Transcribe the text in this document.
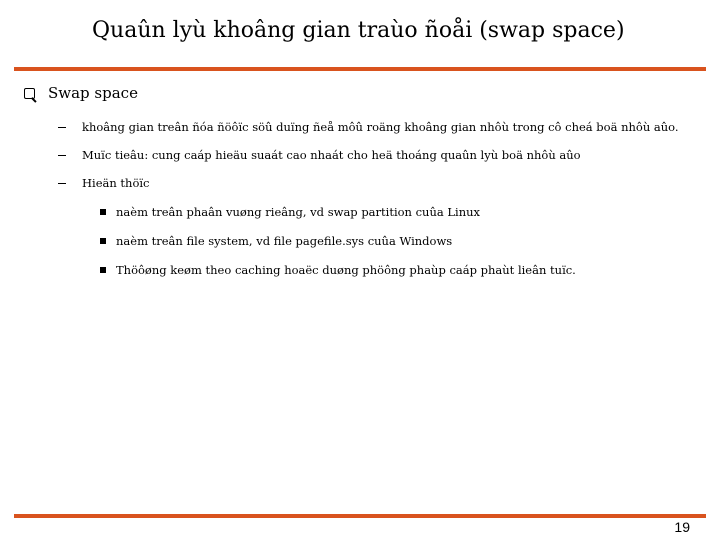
Quaûn lyù khoâng gian traùo ñoåi (swap space)
Swap space
khoâng gian treân ñóa ñöôïc söû duïng ñeå môû roäng khoâng gian nhôù trong cô cheá boä nhôù aûo.
Muïc tieâu: cung caáp hieäu suaát cao nhaát cho heä thoáng quaûn lyù boä nhôù aûo
Hieän thöïc
naèm treân phaân vuøng rieâng, vd swap partition cuûa Linux
naèm treân file system, vd file pagefile.sys cuûa Windows
Thöôøng keøm theo caching hoaëc duøng phöông phaùp caáp phaùt lieân tuïc.
19
